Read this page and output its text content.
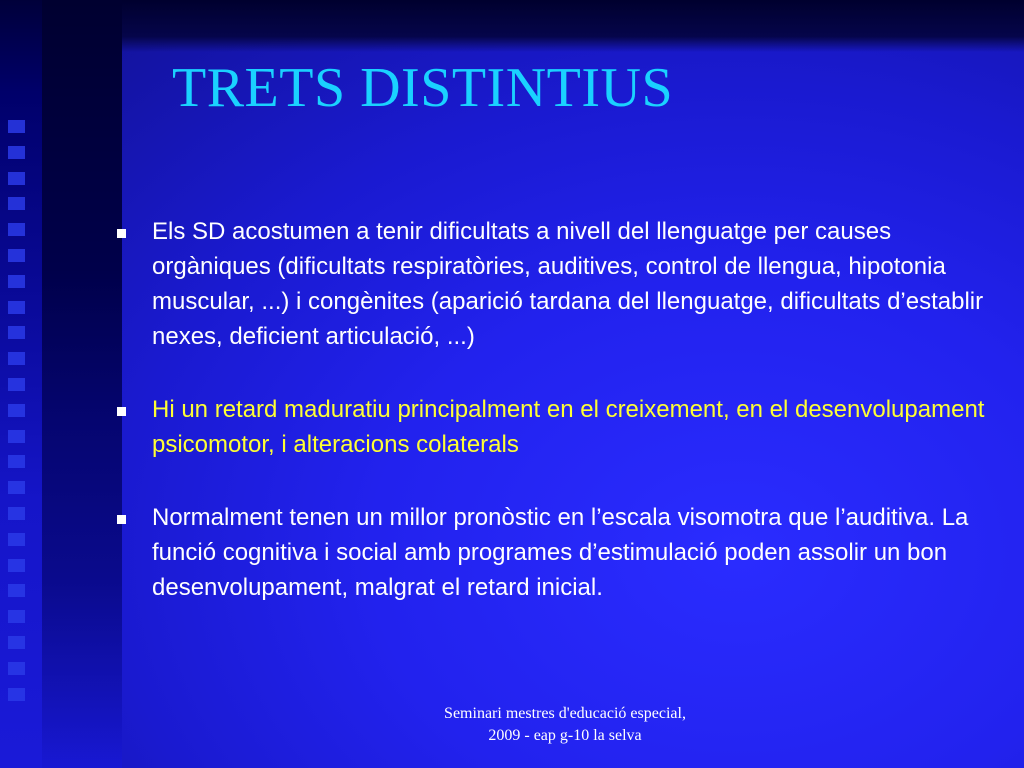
TRETS DISTINTIUS
Els SD acostumen a tenir dificultats a nivell del llenguatge per causes orgàniques (dificultats respiratòries, auditives, control de llengua, hipotonia muscular, ...) i congènites (aparició tardana del llenguatge, dificultats d’establir nexes, deficient articulació, ...)
Hi un retard maduratiu principalment en el creixement, en el desenvolupament psicomotor, i alteracions colaterals
Normalment tenen un millor pronòstic en l’escala visomotra que l’auditiva. La funció cognitiva i social amb programes d’estimulació poden assolir un bon desenvolupament, malgrat el retard inicial.
Seminari mestres d'educació especial,
2009 - eap g-10 la selva
